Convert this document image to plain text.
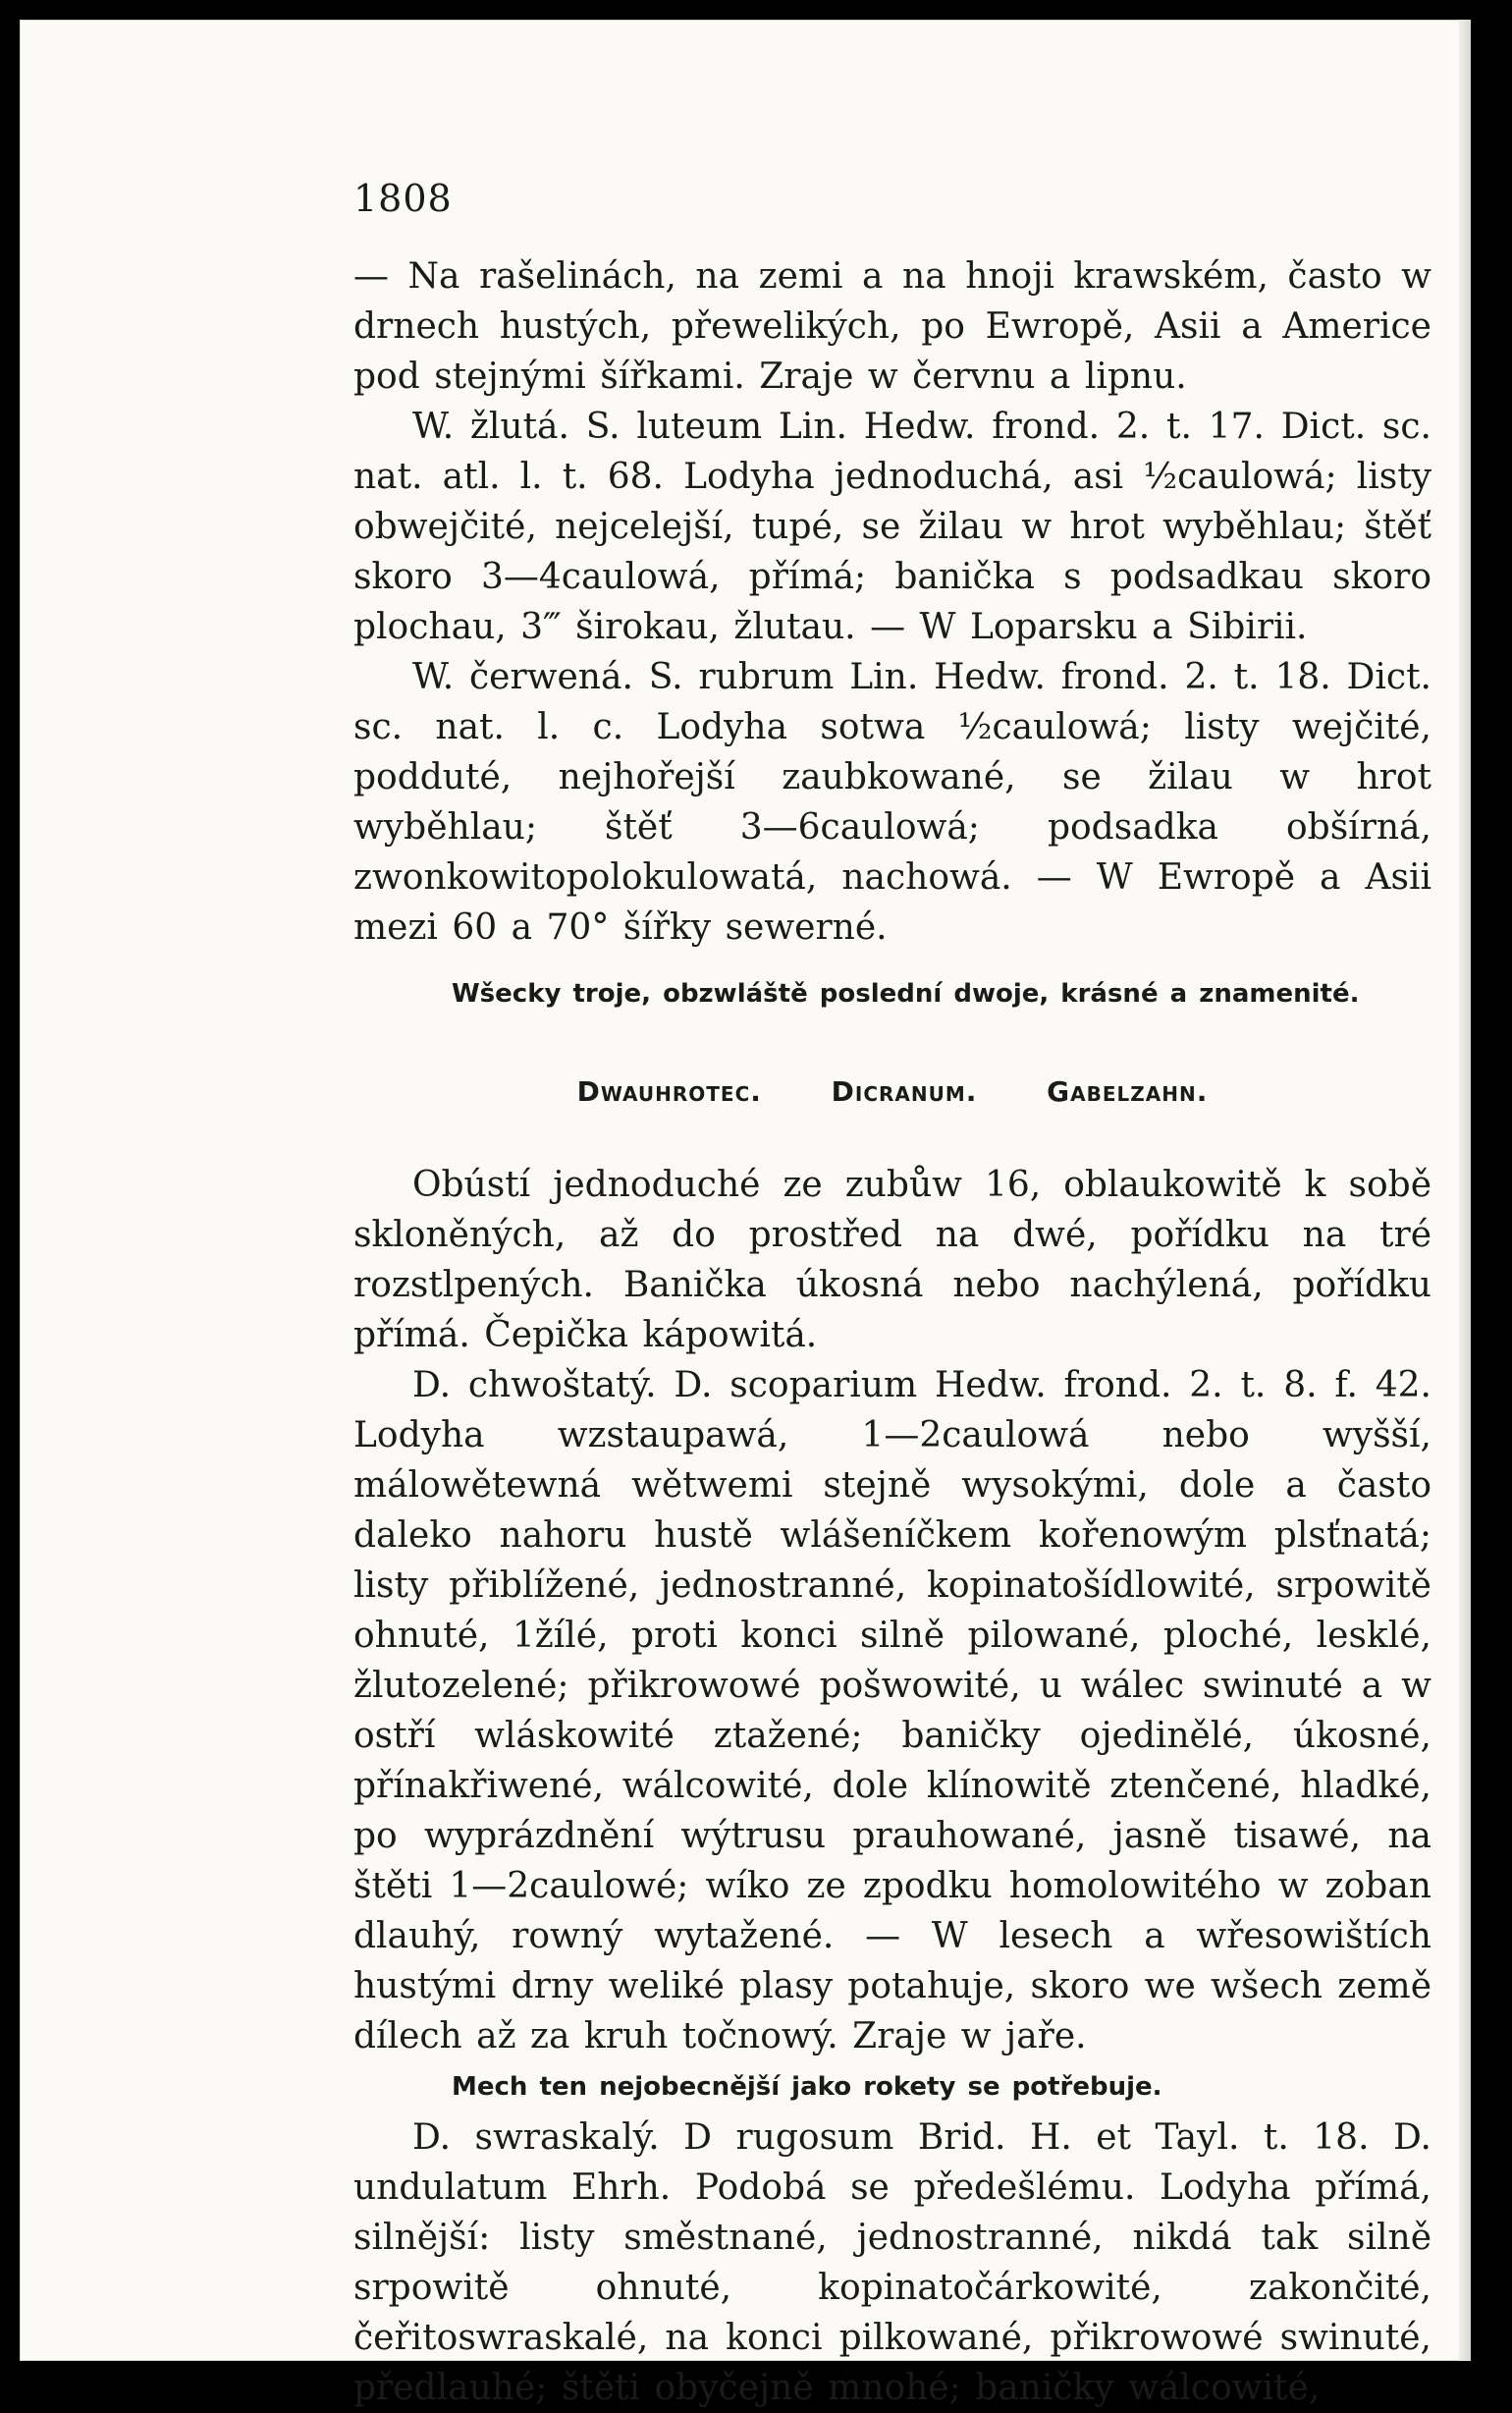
1808

— Na rašelinách, na zemi a na hnoji krawském, často w drnech hustých, přewelikých, po Ewropě, Asii a Americe pod stejnými šířkami. Zraje w červnu a lipnu.

W. žlutá. S. luteum Lin. Hedw. frond. 2. t. 17. Dict. sc. nat. atl. l. t. 68. Lodyha jednoduchá, asi ½caulowá; listy obwejčité, nejcelejší, tupé, se žilau w hrot wyběhlau; štěť skoro 3—4caulowá, přímá; banička s podsadkau skoro plochau, 3‴ širokau, žlutau. — W Loparsku a Sibirii.

W. čerwená. S. rubrum Lin. Hedw. frond. 2. t. 18. Dict. sc. nat. l. c. Lodyha sotwa ½caulowá; listy wejčité, podduté, nejhořejší zaubkowané, se žilau w hrot wyběhlau; štěť 3—6caulowá; podsadka obšírná, zwonkowitopolokulowatá, nachowá. — W Ewropě a Asii mezi 60 a 70° šířky sewerné.

Wšecky troje, obzwláště poslední dwoje, krásné a znamenité.

Dwauhrotec. Dicranum. Gabelzahn.

Obústí jednoduché ze zubůw 16, oblaukowitě k sobě skloněných, až do prostřed na dwé, pořídku na tré rozstlpených. Banička úkosná nebo nachýlená, pořídku přímá. Čepička kápowitá.

D. chwoštatý. D. scoparium Hedw. frond. 2. t. 8. f. 42. Lodyha wzstaupawá, 1—2caulowá nebo wyšší, málowětewná wětwemi stejně wysokými, dole a často daleko nahoru hustě wlášeníčkem kořenowým plsťnatá; listy přiblížené, jednostranné, kopinatošídlowité, srpowitě ohnuté, 1žílé, proti konci silně pilowané, ploché, lesklé, žlutozelené; přikrowowé pošwowité, u wálec swinuté a w ostří wláskowité ztažené; baničky ojedinělé, úkosné, přínakřiwené, wálcowité, dole klínowitě ztenčené, hladké, po wyprázdnění wýtrusu prauhowané, jasně tisawé, na štěti 1—2caulowé; wíko ze zpodku homolowitého w zoban dlauhý, rowný wytažené. — W lesech a wřesowištích hustými drny weliké plasy potahuje, skoro we wšech země dílech až za kruh točnowý. Zraje w jaře.

Mech ten nejobecnější jako rokety se potřebuje.

D. swraskalý. D rugosum Brid. H. et Tayl. t. 18. D. undulatum Ehrh. Podobá se předešlému. Lodyha přímá, silnější: listy směstnané, jednostranné, nikdá tak silně srpowitě ohnuté, kopinatočárkowité, zakončité, čeřitoswraskalé, na konci pilkowané, přikrowowé swinuté, předlauhé; štěti obyčejně mnohé; baničky wálcowité,
